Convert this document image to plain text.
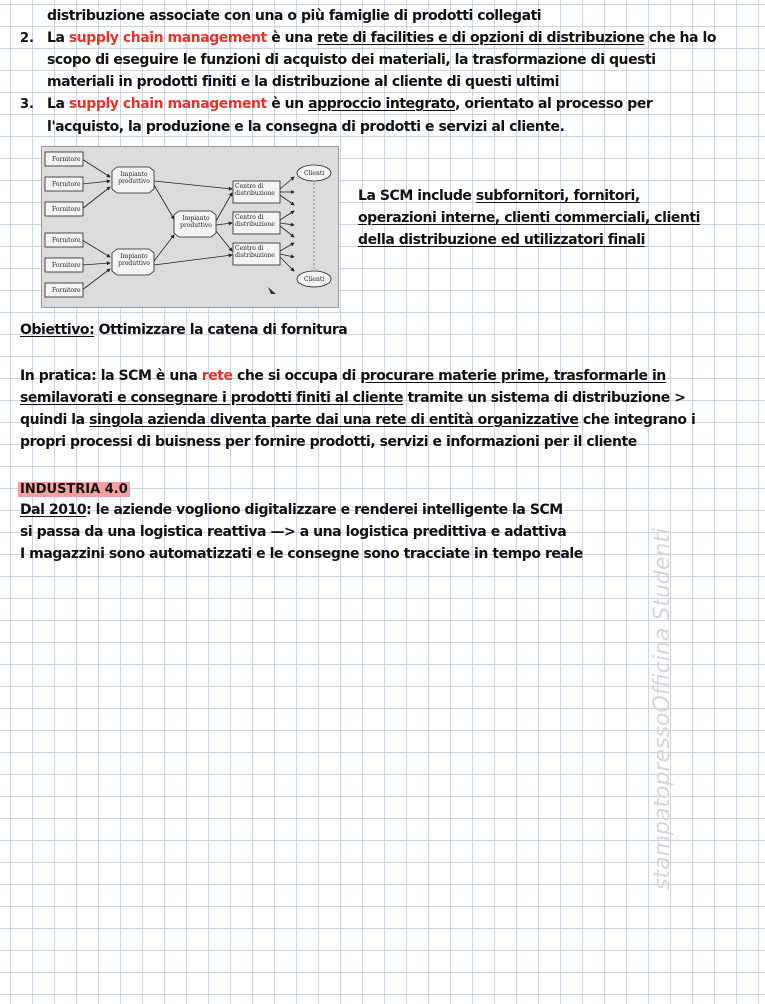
distribuzione associate con una o più famiglie di prodotti collegati
2. La supply chain management è una rete di facilities e di opzioni di distribuzione che ha lo
scopo di eseguire le funzioni di acquisto dei materiali, la trasformazione di questi
materiali in prodotti finiti e la distribuzione al cliente di questi ultimi
3. La supply chain management è un approccio integrato, orientato al processo per
l'acquisto, la produzione e la consegna di prodotti e servizi al cliente.
Fornitore
Fornitore
Fornitore
Fornitore
Fornitore
Fornitore
Impianto produttivo
Impianto produttivo
Impianto produttivo
Centro di distribuzione
Centro di distribuzione
Centro di distribuzione
Clienti
Clienti
La SCM include subfornitori, fornitori,
operazioni interne, clienti commerciali, clienti
della distribuzione ed utilizzatori finali
Obiettivo: Ottimizzare la catena di fornitura
In pratica: la SCM è una rete che si occupa di procurare materie prime, trasformarle in
semilavorati e consegnare i prodotti finiti al cliente tramite un sistema di distribuzione >
quindi la singola azienda diventa parte dai una rete di entità organizzative che integrano i
propri processi di buisness per fornire prodotti, servizi e informazioni per il cliente
INDUSTRIA 4.0
Dal 2010: le aziende vogliono digitalizzare e renderei intelligente la SCM
si passa da una logistica reattiva —> a una logistica predittiva e adattiva
I magazzini sono automatizzati e le consegne sono tracciate in tempo reale	stampatopressoOfficina Studenti
